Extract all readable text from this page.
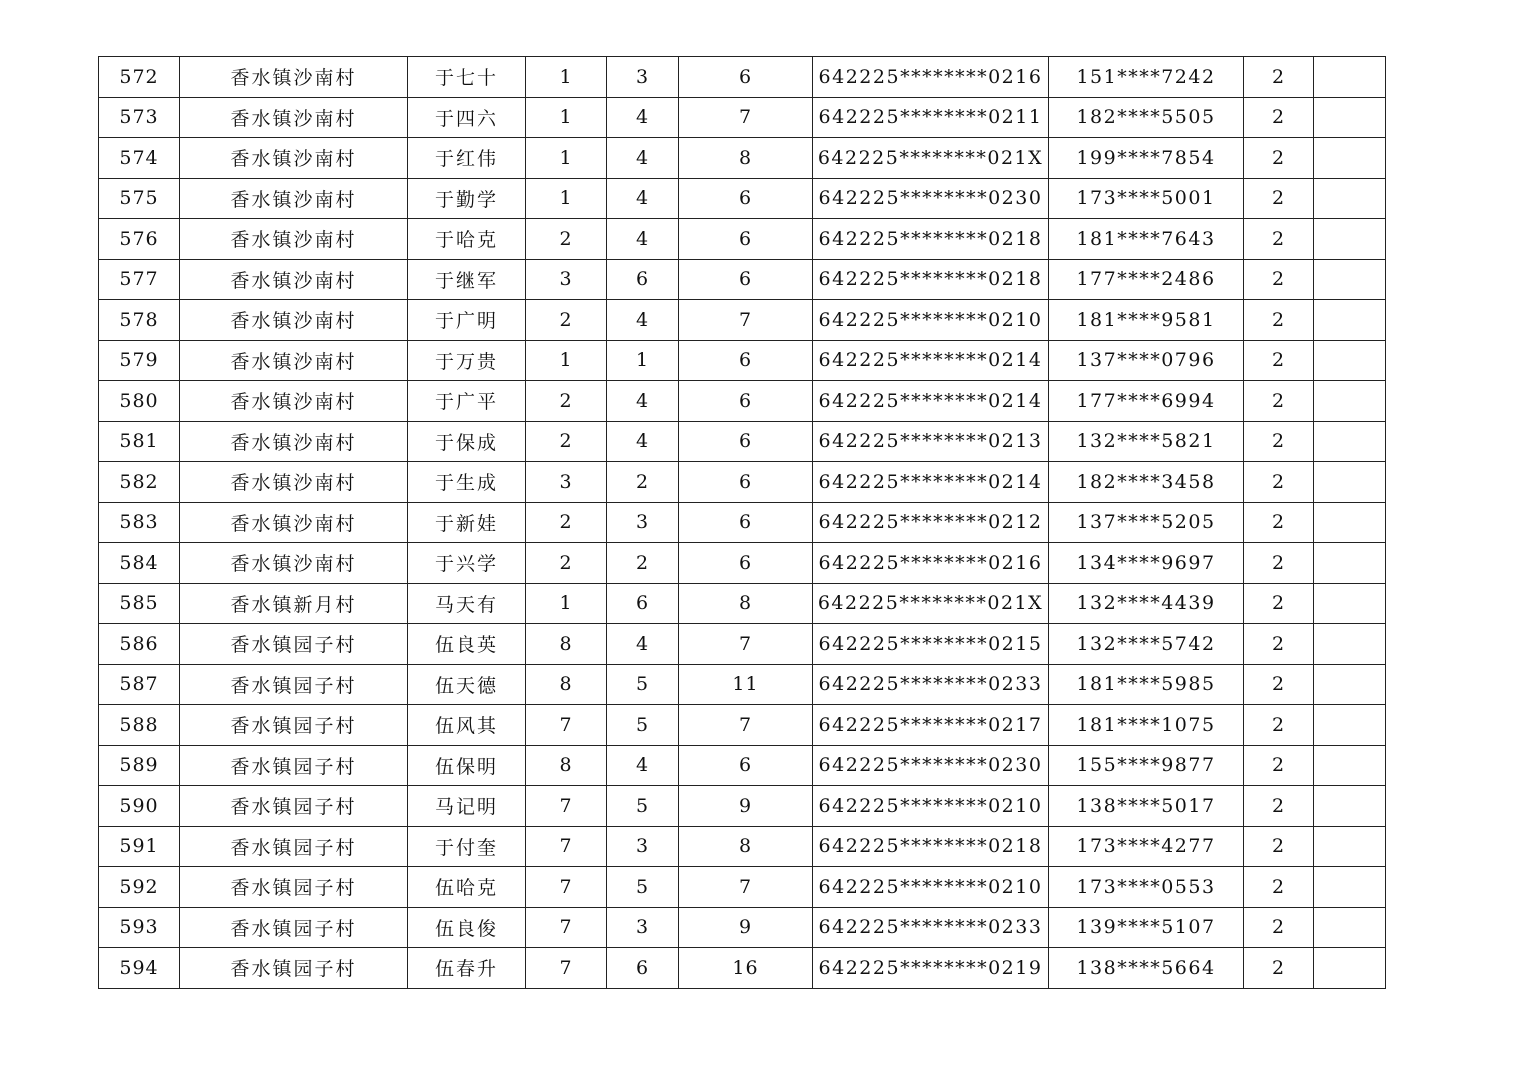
572	香水镇沙南村	于七十	1	3	6	642225********0216	151****7242	2	
573	香水镇沙南村	于四六	1	4	7	642225********0211	182****5505	2	
574	香水镇沙南村	于红伟	1	4	8	642225********021X	199****7854	2	
575	香水镇沙南村	于勤学	1	4	6	642225********0230	173****5001	2	
576	香水镇沙南村	于哈克	2	4	6	642225********0218	181****7643	2	
577	香水镇沙南村	于继军	3	6	6	642225********0218	177****2486	2	
578	香水镇沙南村	于广明	2	4	7	642225********0210	181****9581	2	
579	香水镇沙南村	于万贵	1	1	6	642225********0214	137****0796	2	
580	香水镇沙南村	于广平	2	4	6	642225********0214	177****6994	2	
581	香水镇沙南村	于保成	2	4	6	642225********0213	132****5821	2	
582	香水镇沙南村	于生成	3	2	6	642225********0214	182****3458	2	
583	香水镇沙南村	于新娃	2	3	6	642225********0212	137****5205	2	
584	香水镇沙南村	于兴学	2	2	6	642225********0216	134****9697	2	
585	香水镇新月村	马天有	1	6	8	642225********021X	132****4439	2	
586	香水镇园子村	伍良英	8	4	7	642225********0215	132****5742	2	
587	香水镇园子村	伍天德	8	5	11	642225********0233	181****5985	2	
588	香水镇园子村	伍风其	7	5	7	642225********0217	181****1075	2	
589	香水镇园子村	伍保明	8	4	6	642225********0230	155****9877	2	
590	香水镇园子村	马记明	7	5	9	642225********0210	138****5017	2	
591	香水镇园子村	于付奎	7	3	8	642225********0218	173****4277	2	
592	香水镇园子村	伍哈克	7	5	7	642225********0210	173****0553	2	
593	香水镇园子村	伍良俊	7	3	9	642225********0233	139****5107	2	
594	香水镇园子村	伍春升	7	6	16	642225********0219	138****5664	2	
